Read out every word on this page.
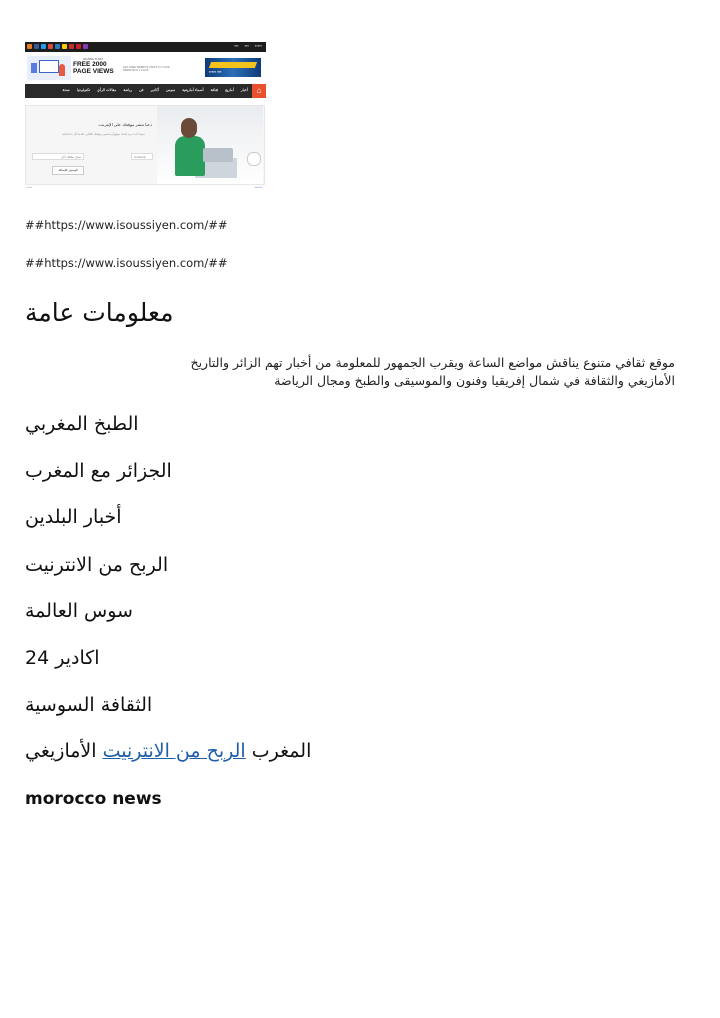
▪▪▪▪▪
▪▪▪
▪▪▪
WANNA THIS?
FREE 2000
PAGE VIEWS
GET FREE WEBSITE VISITS TO YOUR
WEBSITE IN 1 CLICK	▪▪▪ ▪▪▪▪▪
⌂
أخبار
أمازيغ
ثقافة
أسماء أمازيغية
سوس
أكادير
فن
رياضة
مقالات الرأي
تكنولوجيا
صحة
دعنا ننشر موقعك على الإنترنت.
سواء كنت تريد إنشاء موقع أو تحسين موقعك الحالي، فلدينا كل ما تحتاجه
سجل نطاقك الآن	GoDaddy
الوصول للإضافة
▪ ▪▪▪▪▪	▪▪▪ ▪▪▪▪
##https://www.isoussiyen.com/##
##https://www.isoussiyen.com/##
معلومات عامة
موقع ثقافي متنوع يناقش مواضع الساعة ويقرب الجمهور للمعلومة من أخبار تهم الزائر والتاريخ
الأمازيغي والثقافة في شمال إفريقيا وفنون والموسيقى والطبخ ومجال الرياضة
الطبخ المغربي
الجزائر مع المغرب
أخبار البلدين
الربح من الانترنيت
سوس العالمة
اكادير 24
الثقافة السوسية
المغرب الربح من الانترنيت الأمازيغي
morocco news
